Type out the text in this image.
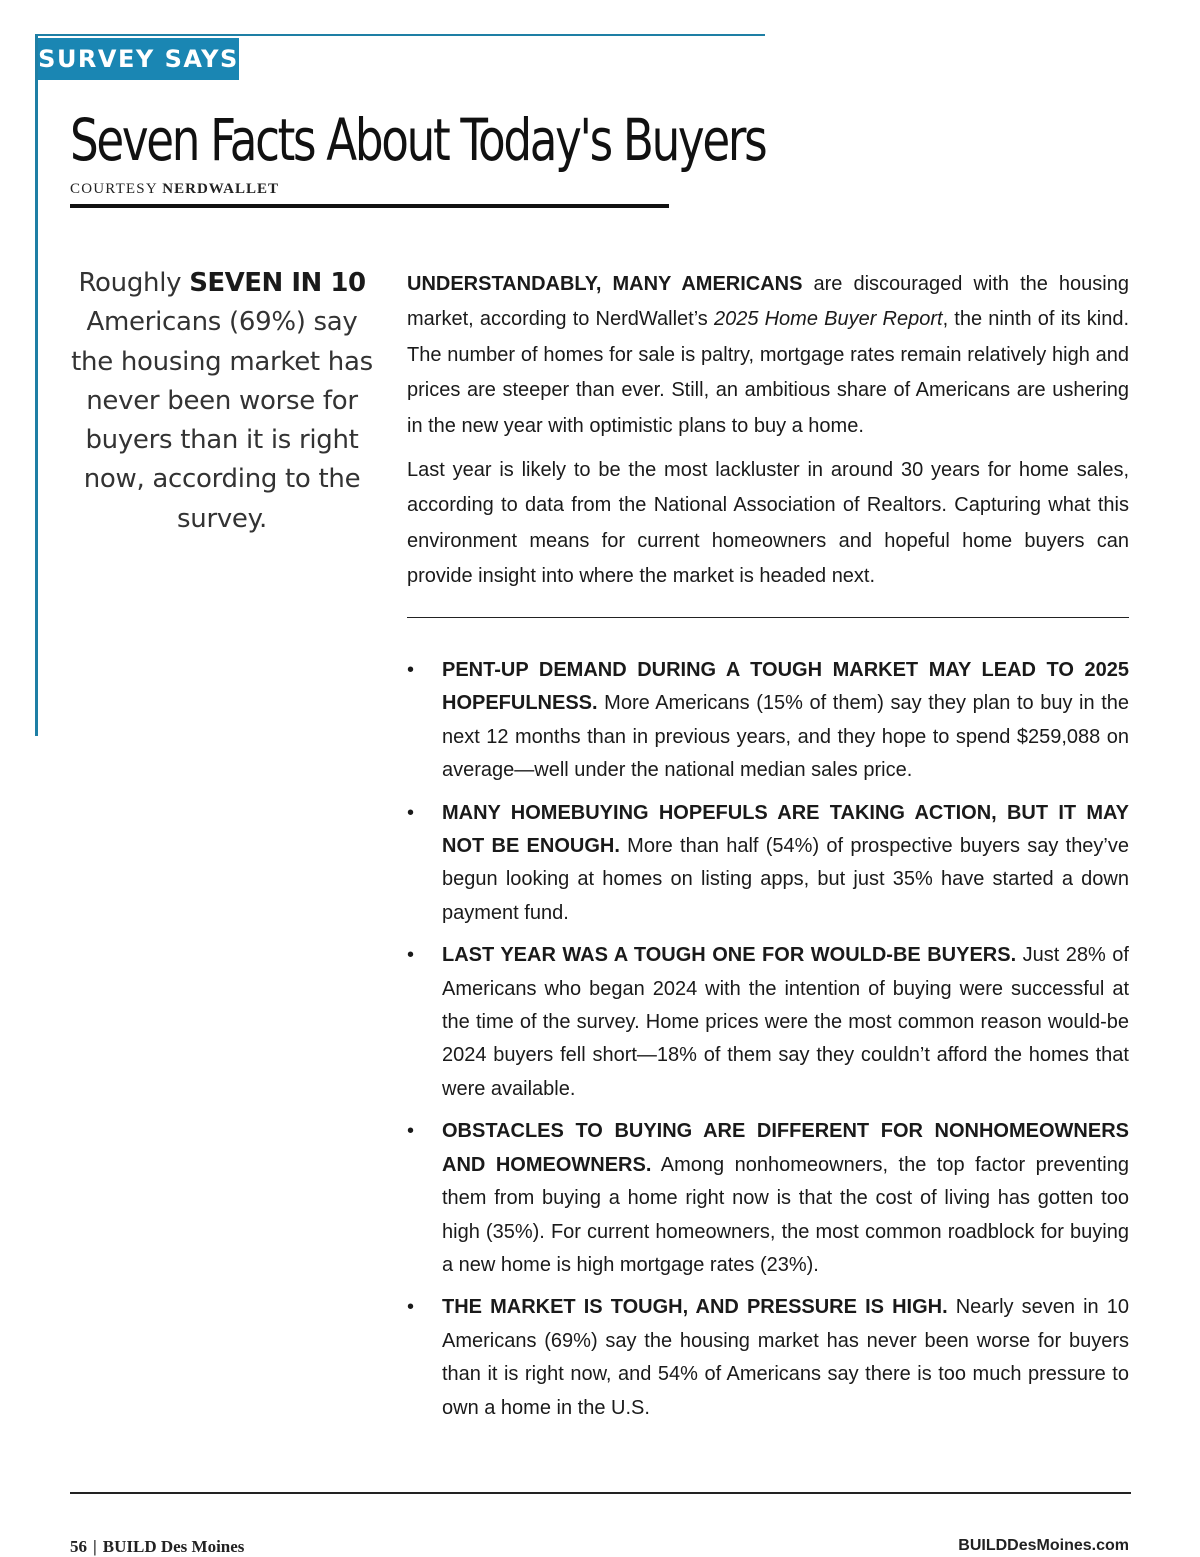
SURVEY SAYS
Seven Facts About Today's Buyers
COURTESY NERDWALLET
Roughly SEVEN IN 10 Americans (69%) say the housing market has never been worse for buyers than it is right now, according to the survey.

UNDERSTANDABLY, MANY AMERICANS are discouraged with the housing market, according to NerdWallet’s 2025 Home Buyer Report, the ninth of its kind. The number of homes for sale is paltry, mortgage rates remain relatively high and prices are steeper than ever. Still, an ambitious share of Americans are ushering in the new year with optimistic plans to buy a home.

Last year is likely to be the most lackluster in around 30 years for home sales, according to data from the National Association of Realtors. Capturing what this environment means for current homeowners and hopeful home buyers can provide insight into where the market is headed next.

• PENT-UP DEMAND DURING A TOUGH MARKET MAY LEAD TO 2025 HOPEFULNESS. More Americans (15% of them) say they plan to buy in the next 12 months than in previous years, and they hope to spend $259,088 on average—well under the national median sales price.
• MANY HOMEBUYING HOPEFULS ARE TAKING ACTION, BUT IT MAY NOT BE ENOUGH. More than half (54%) of prospective buyers say they’ve begun looking at homes on listing apps, but just 35% have started a down payment fund.
• LAST YEAR WAS A TOUGH ONE FOR WOULD-BE BUYERS. Just 28% of Americans who began 2024 with the intention of buying were successful at the time of the survey. Home prices were the most common reason would-be 2024 buyers fell short—18% of them say they couldn’t afford the homes that were available.
• OBSTACLES TO BUYING ARE DIFFERENT FOR NONHOMEOWNERS AND HOMEOWNERS. Among nonhomeowners, the top factor preventing them from buying a home right now is that the cost of living has gotten too high (35%). For current homeowners, the most common roadblock for buying a new home is high mortgage rates (23%).
• THE MARKET IS TOUGH, AND PRESSURE IS HIGH. Nearly seven in 10 Americans (69%) say the housing market has never been worse for buyers than it is right now, and 54% of Americans say there is too much pressure to own a home in the U.S.
56 | BUILD Des Moines	BUILDDesMoines.com
